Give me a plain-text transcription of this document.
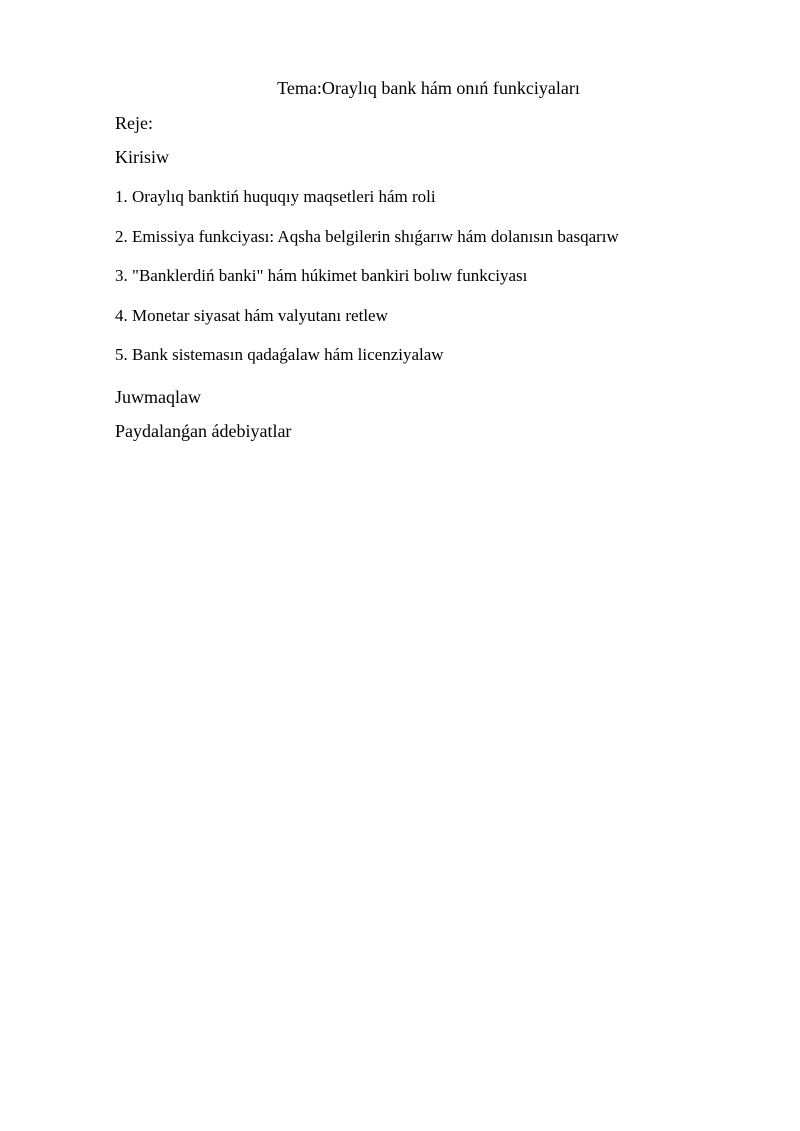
Tema:Oraylıq bank hám onıń funkciyaları
Reje:
Kirisiw
1. Oraylıq banktiń huquqıy maqsetleri hám roli
2. Emissiya funkciyası: Aqsha belgilerin shıǵarıw hám dolanısın basqarıw
3. "Banklerdiń banki" hám húkimet bankiri bolıw funkciyası
4. Monetar siyasat hám valyutanı retlew
5. Bank sistemasın qadaǵalaw hám licenziyalaw
Juwmaqlaw
Paydalanǵan ádebiyatlar
